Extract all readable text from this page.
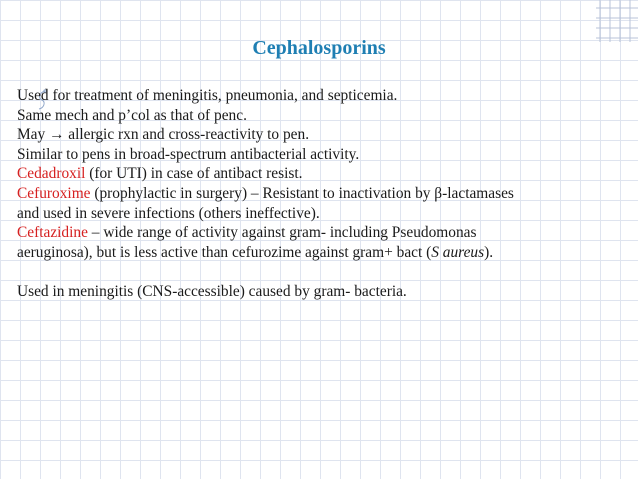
Cephalosporins
Used for treatment of meningitis, pneumonia, and septicemia.
Same mech and p’col as that of penc.
May → allergic rxn and cross-reactivity to pen.
Similar to pens in broad-spectrum antibacterial activity.
Cedadroxil (for UTI) in case of antibact resist.
Cefuroxime (prophylactic in surgery) – Resistant to inactivation by β-lactamases
and used in severe infections (others ineffective).
Ceftazidine – wide range of activity against gram- including Pseudomonas
aeruginosa), but is less active than cefurozime against gram+ bact (S aureus).
Used in meningitis (CNS-accessible) caused by gram- bacteria.
